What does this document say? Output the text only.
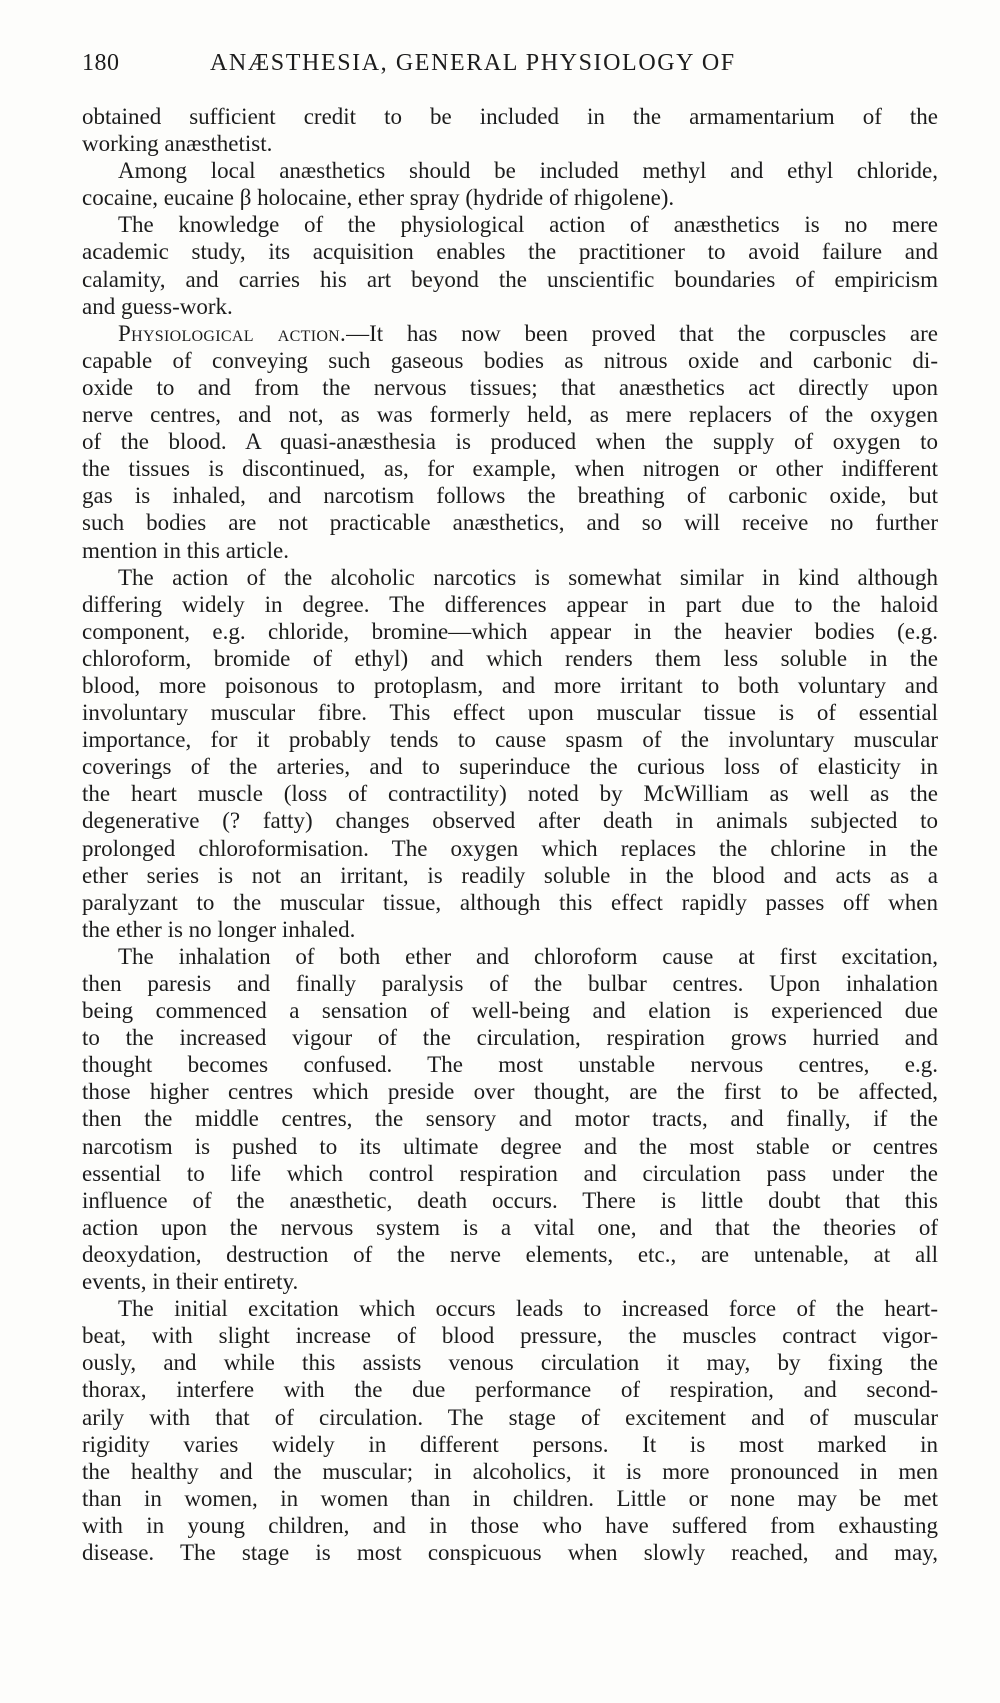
180	ANÆSTHESIA, GENERAL PHYSIOLOGY OF
obtained sufficient credit to be included in the armamentarium of the
working anæsthetist.
Among local anæsthetics should be included methyl and ethyl chloride,
cocaine, eucaine β holocaine, ether spray (hydride of rhigolene).
The knowledge of the physiological action of anæsthetics is no mere
academic study, its acquisition enables the practitioner to avoid failure and
calamity, and carries his art beyond the unscientific boundaries of empiricism
and guess-work.
Physiological action.—It has now been proved that the corpuscles are
capable of conveying such gaseous bodies as nitrous oxide and carbonic di-
oxide to and from the nervous tissues; that anæsthetics act directly upon
nerve centres, and not, as was formerly held, as mere replacers of the oxygen
of the blood. A quasi-anæsthesia is produced when the supply of oxygen to
the tissues is discontinued, as, for example, when nitrogen or other indifferent
gas is inhaled, and narcotism follows the breathing of carbonic oxide, but
such bodies are not practicable anæsthetics, and so will receive no further
mention in this article.
The action of the alcoholic narcotics is somewhat similar in kind although
differing widely in degree. The differences appear in part due to the haloid
component, e.g. chloride, bromine—which appear in the heavier bodies (e.g.
chloroform, bromide of ethyl) and which renders them less soluble in the
blood, more poisonous to protoplasm, and more irritant to both voluntary and
involuntary muscular fibre. This effect upon muscular tissue is of essential
importance, for it probably tends to cause spasm of the involuntary muscular
coverings of the arteries, and to superinduce the curious loss of elasticity in
the heart muscle (loss of contractility) noted by McWilliam as well as the
degenerative (? fatty) changes observed after death in animals subjected to
prolonged chloroformisation. The oxygen which replaces the chlorine in the
ether series is not an irritant, is readily soluble in the blood and acts as a
paralyzant to the muscular tissue, although this effect rapidly passes off when
the ether is no longer inhaled.
The inhalation of both ether and chloroform cause at first excitation,
then paresis and finally paralysis of the bulbar centres. Upon inhalation
being commenced a sensation of well-being and elation is experienced due
to the increased vigour of the circulation, respiration grows hurried and
thought becomes confused. The most unstable nervous centres, e.g.
those higher centres which preside over thought, are the first to be affected,
then the middle centres, the sensory and motor tracts, and finally, if the
narcotism is pushed to its ultimate degree and the most stable or centres
essential to life which control respiration and circulation pass under the
influence of the anæsthetic, death occurs. There is little doubt that this
action upon the nervous system is a vital one, and that the theories of
deoxydation, destruction of the nerve elements, etc., are untenable, at all
events, in their entirety.
The initial excitation which occurs leads to increased force of the heart-
beat, with slight increase of blood pressure, the muscles contract vigor-
ously, and while this assists venous circulation it may, by fixing the
thorax, interfere with the due performance of respiration, and second-
arily with that of circulation. The stage of excitement and of muscular
rigidity varies widely in different persons. It is most marked in
the healthy and the muscular; in alcoholics, it is more pronounced in men
than in women, in women than in children. Little or none may be met
with in young children, and in those who have suffered from exhausting
disease. The stage is most conspicuous when slowly reached, and may,
